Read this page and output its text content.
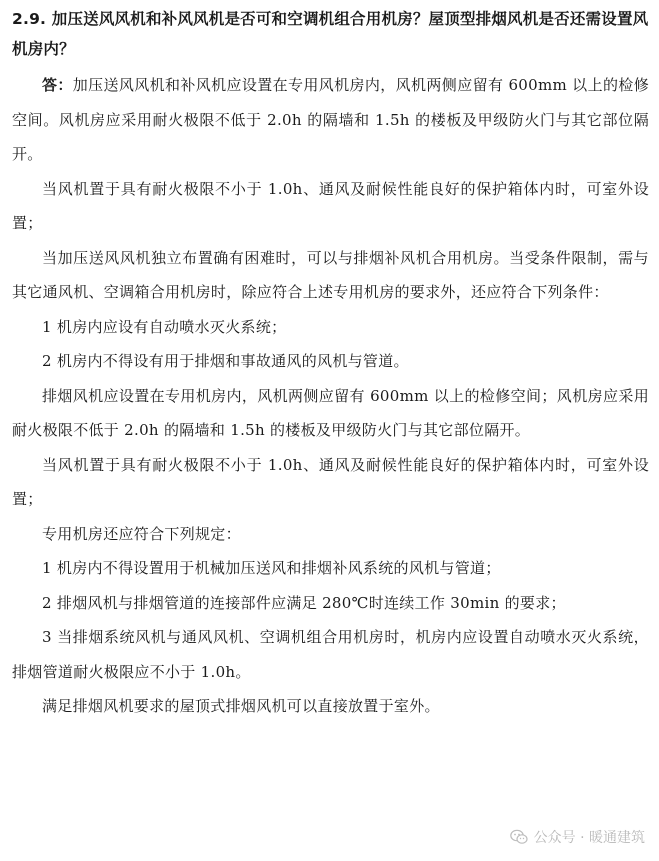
2.9. 加压送风风机和补风风机是否可和空调机组合用机房？屋顶型排烟风机是否还需设置风机房内？

答：加压送风风机和补风机应设置在专用风机房内，风机两侧应留有 600mm 以上的检修空间。风机房应采用耐火极限不低于 2.0h 的隔墙和 1.5h 的楼板及甲级防火门与其它部位隔开。

当风机置于具有耐火极限不小于 1.0h、通风及耐候性能良好的保护箱体内时，可室外设置；

当加压送风风机独立布置确有困难时，可以与排烟补风机合用机房。当受条件限制，需与其它通风机、空调箱合用机房时，除应符合上述专用机房的要求外，还应符合下列条件：

1 机房内应设有自动喷水灭火系统；

2 机房内不得设有用于排烟和事故通风的风机与管道。

排烟风机应设置在专用机房内，风机两侧应留有 600mm 以上的检修空间；风机房应采用耐火极限不低于 2.0h 的隔墙和 1.5h 的楼板及甲级防火门与其它部位隔开。

当风机置于具有耐火极限不小于 1.0h、通风及耐候性能良好的保护箱体内时，可室外设置；

专用机房还应符合下列规定：

1 机房内不得设置用于机械加压送风和排烟补风系统的风机与管道；

2 排烟风机与排烟管道的连接部件应满足 280℃时连续工作 30min 的要求；

3 当排烟系统风机与通风风机、空调机组合用机房时，机房内应设置自动喷水灭火系统，排烟管道耐火极限应不小于 1.0h。

满足排烟风机要求的屋顶式排烟风机可以直接放置于室外。

公众号 · 暖通建筑
